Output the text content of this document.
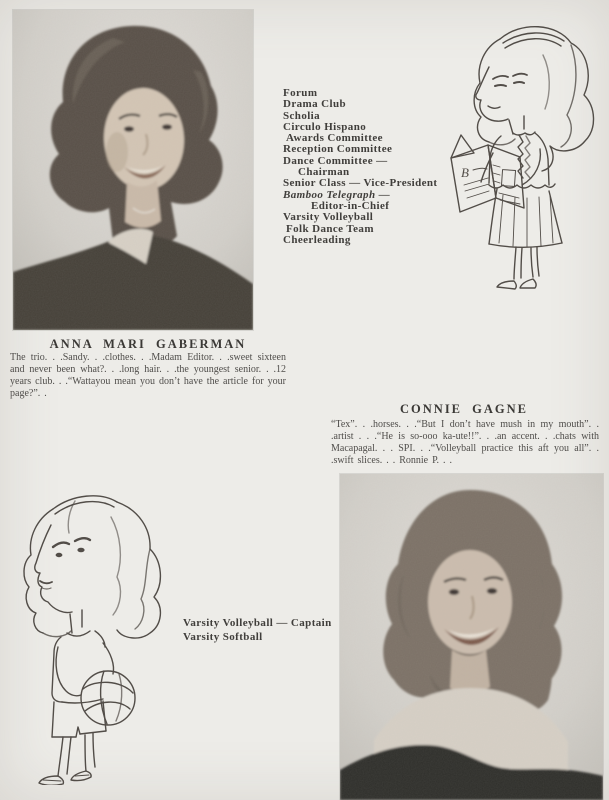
Forum
Drama Club
Scholia
Circulo Hispano
Awards Committee
Reception Committee
Dance Committee —
Chairman
Senior Class — Vice-President
Bamboo Telegraph —
Editor-in-Chief
Varsity Volleyball
Folk Dance Team
Cheerleading
B
ANNA MARI GABERMAN
The trio. . .Sandy. . .clothes. . .Madam Editor. . .sweet sixteen and never been what?. . .long hair. . .the youngest senior. . .12 years club. . .“Wattayou mean you don’t have the article for your page?”. .
CONNIE GAGNE
“Tex”. . .horses. . .“But I don’t have mush in my mouth”. . .artist . . .“He is so-ooo ka-ute!!”. . .an accent. . .chats with Macapagal. . . SPI. . .“Volleyball practice this aft you all”. . .swift slices. . . Ronnie P. . .
Varsity Volleyball — Captain
Varsity Softball
